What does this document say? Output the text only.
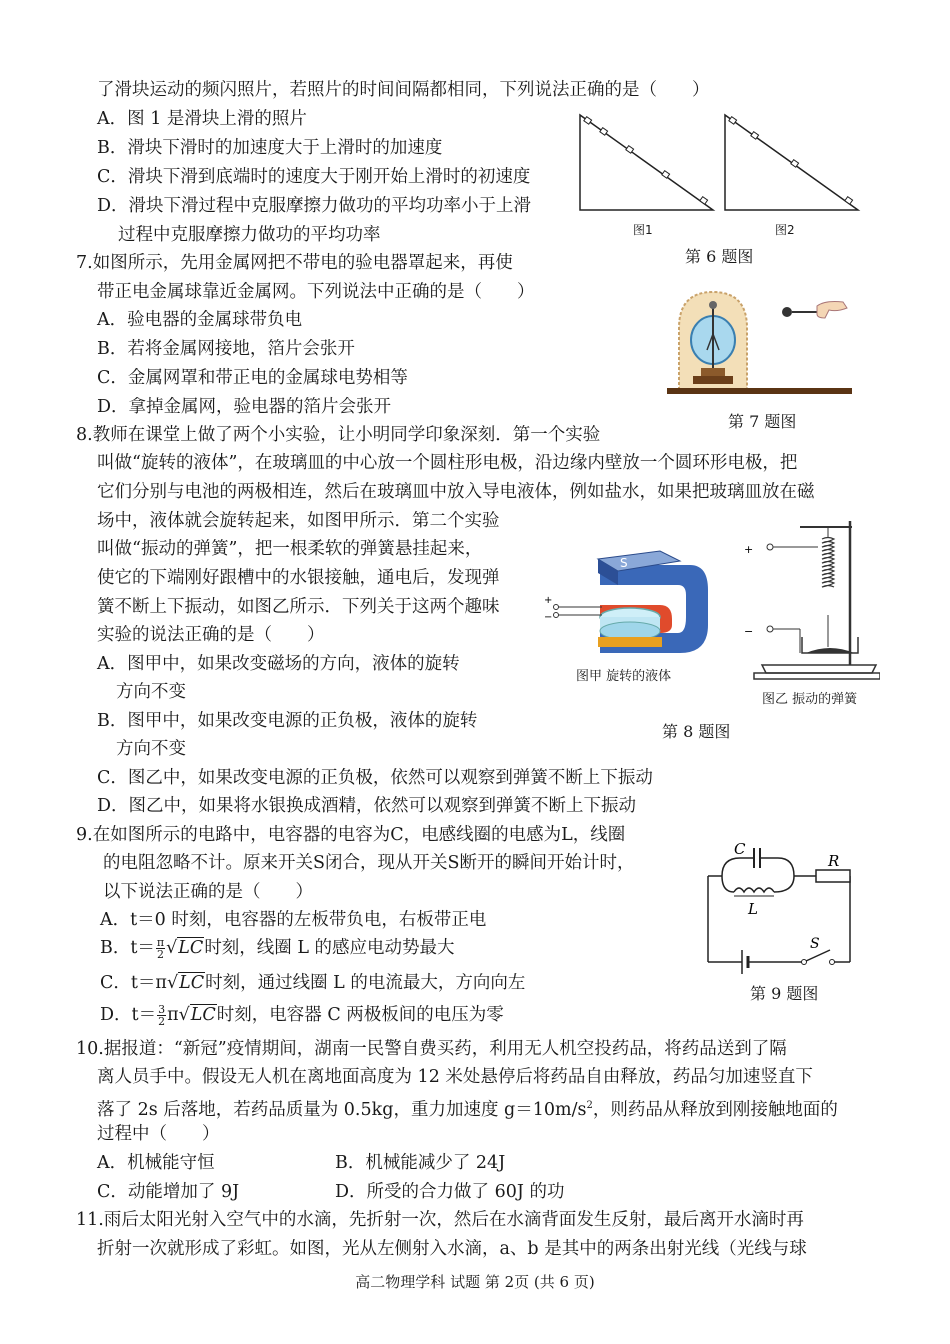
了滑块运动的频闪照片，若照片的时间间隔都相同，下列说法正确的是（　　）
A．图 1 是滑块上滑的照片
B．滑块下滑时的加速度大于上滑时的加速度
C．滑块下滑到底端时的速度大于刚开始上滑时的初速度
D．滑块下滑过程中克服摩擦力做功的平均功率小于上滑
过程中克服摩擦力做功的平均功率	图1	图2
第 6 题图
7.如图所示，先用金属网把不带电的验电器罩起来，再使
带正电金属球靠近金属网。下列说法中正确的是（　　）
A．验电器的金属球带负电
B．若将金属网接地，箔片会张开
C．金属网罩和带正电的金属球电势相等
D．拿掉金属网，验电器的箔片会张开
第 7 题图
8.教师在课堂上做了两个小实验，让小明同学印象深刻．第一个实验
叫做“旋转的液体”，在玻璃皿的中心放一个圆柱形电极，沿边缘内壁放一个圆环形电极，把
它们分别与电池的两极相连，然后在玻璃皿中放入导电液体，例如盐水，如果把玻璃皿放在磁
场中，液体就会旋转起来，如图甲所示．第二个实验
叫做“振动的弹簧”，把一根柔软的弹簧悬挂起来，
使它的下端刚好跟槽中的水银接触，通电后，发现弹
簧不断上下振动，如图乙所示．下列关于这两个趣味
实验的说法正确的是（　　）
A．图甲中，如果改变磁场的方向，液体的旋转
方向不变
B．图甲中，如果改变电源的正负极，液体的旋转
方向不变
C．图乙中，如果改变电源的正负极，依然可以观察到弹簧不断上下振动
D．图乙中，如果将水银换成酒精，依然可以观察到弹簧不断上下振动
S
+
−
图甲 旋转的液体
+
−
图乙 振动的弹簧
第 8 题图
9.在如图所示的电路中，电容器的电容为C，电感线圈的电感为L，线圈
的电阻忽略不计。原来开关S闭合，现从开关S断开的瞬间开始计时，
以下说法正确的是（　　）
A．t＝0 时刻，电容器的左板带负电，右板带正电
B．$t= \frac{\pi}{2} √LC$时刻，线圈 L 的感应电动势最大
C．t＝π√LC时刻，通过线圈 L 的电流最大，方向向左
D．$t= \frac{3}{2} \pi√LC$时刻，电容器 C 两极板间的电压为零
C
L
R
S
第 9 题图
10.据报道：“新冠”疫情期间，湖南一民警自费买药，利用无人机空投药品，将药品送到了隔
离人员手中。假设无人机在离地面高度为 12 米处悬停后将药品自由释放，药品匀加速竖直下
落了 2s 后落地，若药品质量为 0.5kg，重力加速度 $g=10m/s^2$，则药品从释放到刚接触地面的
过程中（　　）
A．机械能守恒	B．机械能减少了 24J
C．动能增加了 9J	D．所受的合力做了 60J 的功
11.雨后太阳光射入空气中的水滴，先折射一次，然后在水滴背面发生反射，最后离开水滴时再
折射一次就形成了彩虹。如图，光从左侧射入水滴，a、b 是其中的两条出射光线（光线与球
高二物理学科 试题 第 2页 (共 6 页)
